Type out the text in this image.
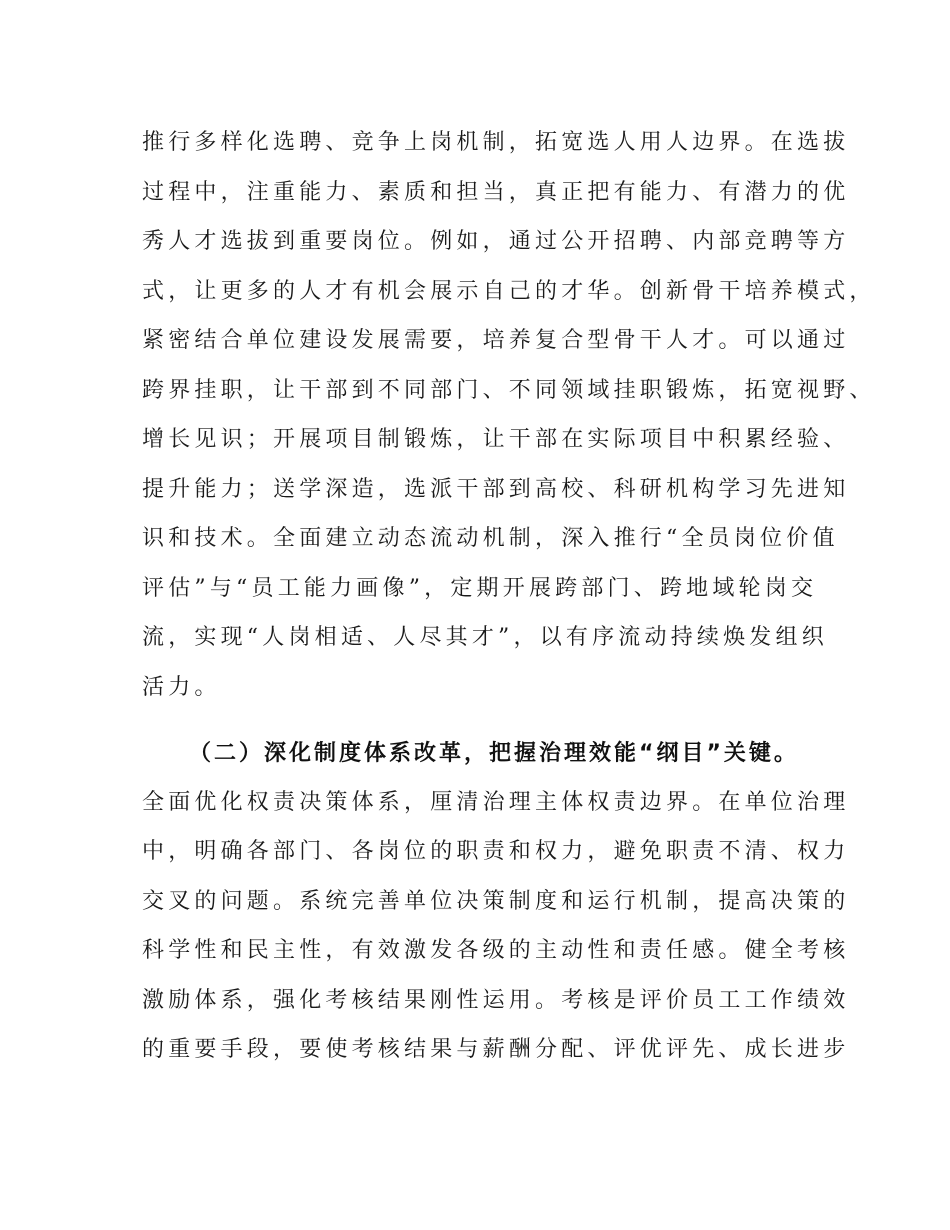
推行多样化选聘、竞争上岗机制，拓宽选人用人边界。在选拔
过程中，注重能力、素质和担当，真正把有能力、有潜力的优
秀人才选拔到重要岗位。例如，通过公开招聘、内部竞聘等方
式，让更多的人才有机会展示自己的才华。创新骨干培养模式，
紧密结合单位建设发展需要，培养复合型骨干人才。可以通过
跨界挂职，让干部到不同部门、不同领域挂职锻炼，拓宽视野、
增长见识；开展项目制锻炼，让干部在实际项目中积累经验、
提升能力；送学深造，选派干部到高校、科研机构学习先进知
识和技术。全面建立动态流动机制，深入推行“全员岗位价值
评估”与“员工能力画像”，定期开展跨部门、跨地域轮岗交
流，实现“人岗相适、人尽其才”，以有序流动持续焕发组织
活力。
（二）深化制度体系改革，把握治理效能“纲目”关键。
全面优化权责决策体系，厘清治理主体权责边界。在单位治理
中，明确各部门、各岗位的职责和权力，避免职责不清、权力
交叉的问题。系统完善单位决策制度和运行机制，提高决策的
科学性和民主性，有效激发各级的主动性和责任感。健全考核
激励体系，强化考核结果刚性运用。考核是评价员工工作绩效
的重要手段，要使考核结果与薪酬分配、评优评先、成长进步
